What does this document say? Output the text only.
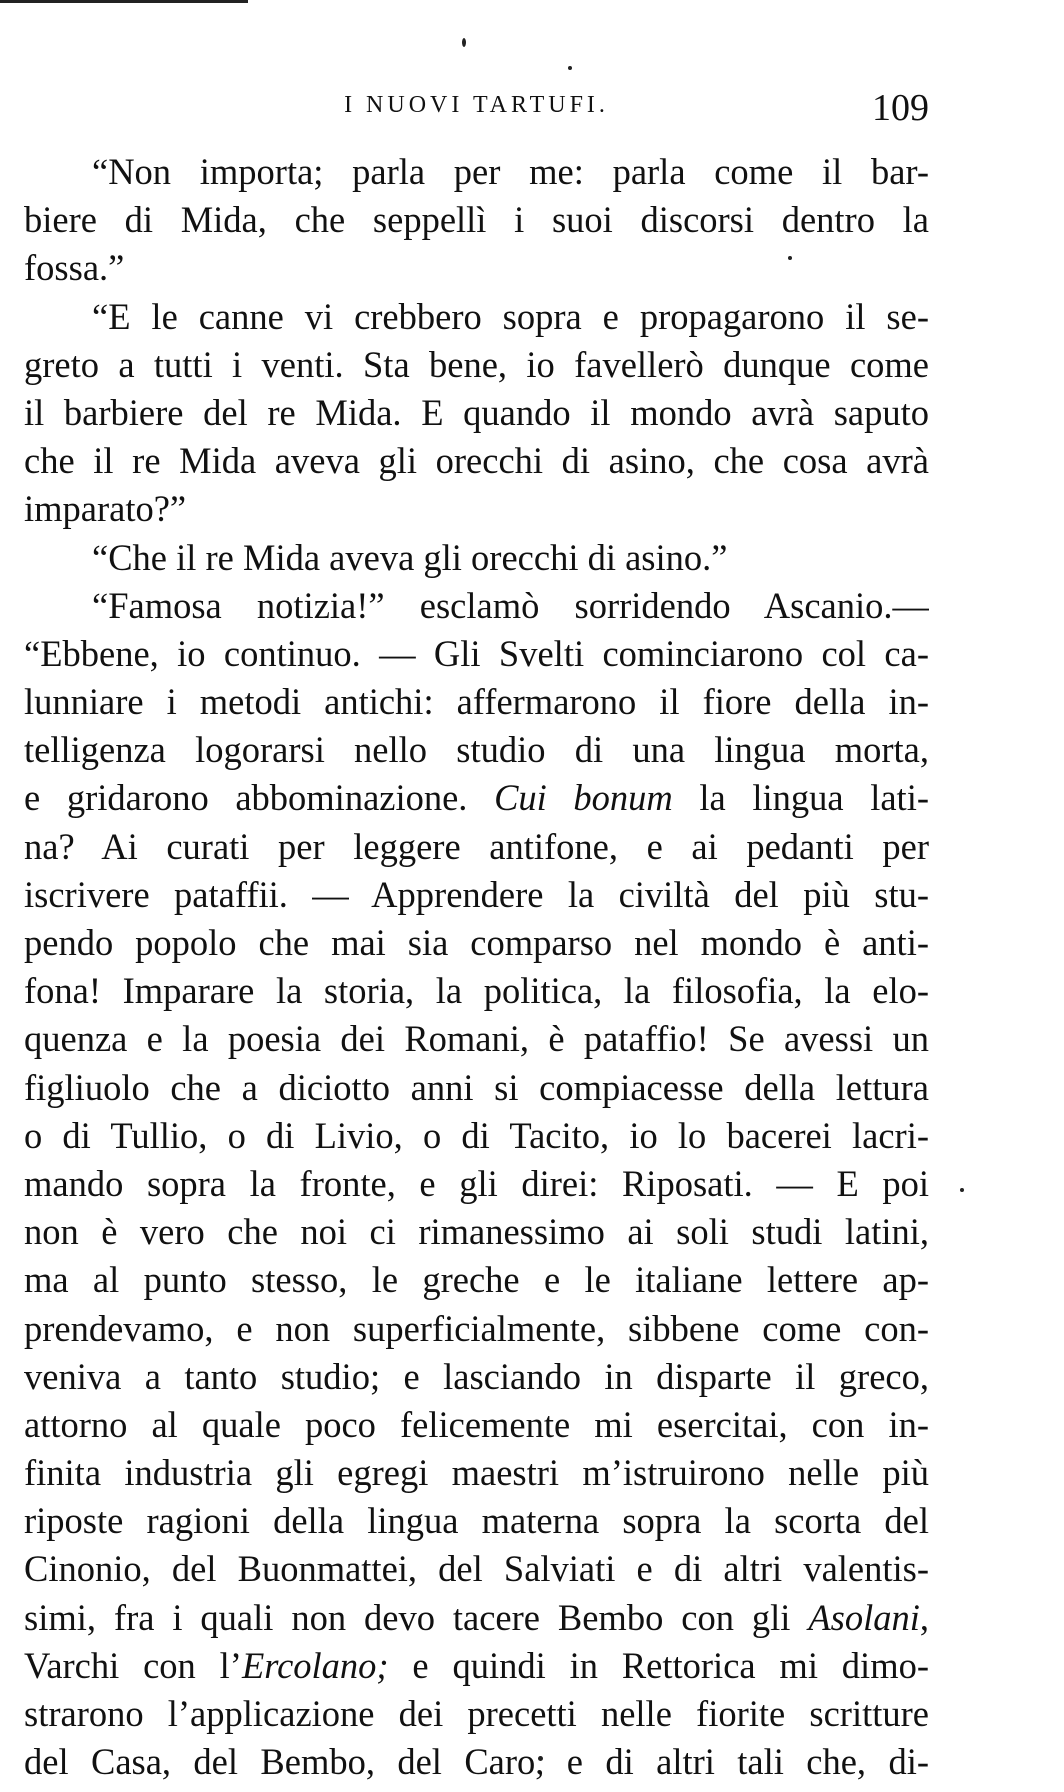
I NUOVI TARTUFI.	109
“Non importa; parla per me: parla come il bar-
biere di Mida, che seppellì i suoi discorsi dentro la
fossa.”
“E le canne vi crebbero sopra e propagarono il se-
greto a tutti i venti. Sta bene, io favellerò dunque come
il barbiere del re Mida. E quando il mondo avrà saputo
che il re Mida aveva gli orecchi di asino, che cosa avrà
imparato?”
“Che il re Mida aveva gli orecchi di asino.”
“Famosa notizia!” esclamò sorridendo Ascanio.—
“Ebbene, io continuo. — Gli Svelti cominciarono col ca-
lunniare i metodi antichi: affermarono il fiore della in-
telligenza logorarsi nello studio di una lingua morta,
e gridarono abbominazione. Cui bonum la lingua lati-
na? Ai curati per leggere antifone, e ai pedanti per
iscrivere pataffii. — Apprendere la civiltà del più stu-
pendo popolo che mai sia comparso nel mondo è anti-
fona! Imparare la storia, la politica, la filosofia, la elo-
quenza e la poesia dei Romani, è pataffio! Se avessi un
figliuolo che a diciotto anni si compiacesse della lettura
o di Tullio, o di Livio, o di Tacito, io lo bacerei lacri-
mando sopra la fronte, e gli direi: Riposati. — E poi
non è vero che noi ci rimanessimo ai soli studi latini,
ma al punto stesso, le greche e le italiane lettere ap-
prendevamo, e non superficialmente, sibbene come con-
veniva a tanto studio; e lasciando in disparte il greco,
attorno al quale poco felicemente mi esercitai, con in-
finita industria gli egregi maestri m’istruirono nelle più
riposte ragioni della lingua materna sopra la scorta del
Cinonio, del Buonmattei, del Salviati e di altri valentis-
simi, fra i quali non devo tacere Bembo con gli Asolani,
Varchi con l’Ercolano; e quindi in Rettorica mi dimo-
strarono l’applicazione dei precetti nelle fiorite scritture
del Casa, del Bembo, del Caro, e di altri tali che, di-
